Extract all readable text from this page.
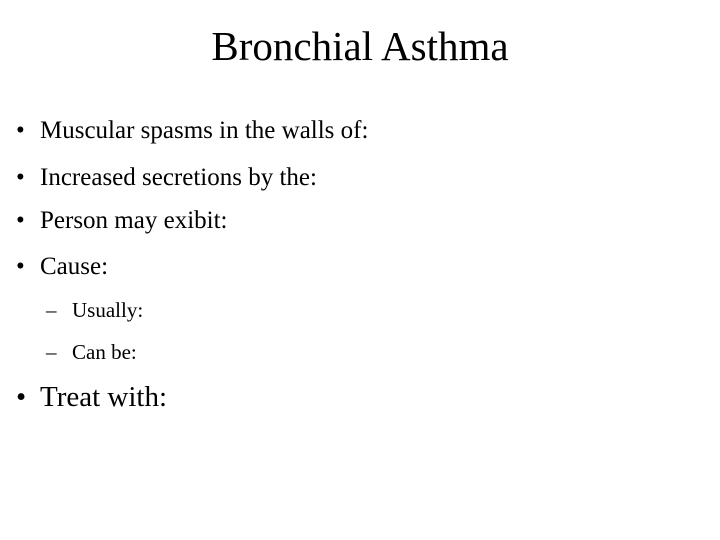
Bronchial Asthma
• Muscular spasms in the walls of:
• Increased secretions by the:
• Person may exibit:
• Cause:
– Usually:
– Can be:
• Treat with:
